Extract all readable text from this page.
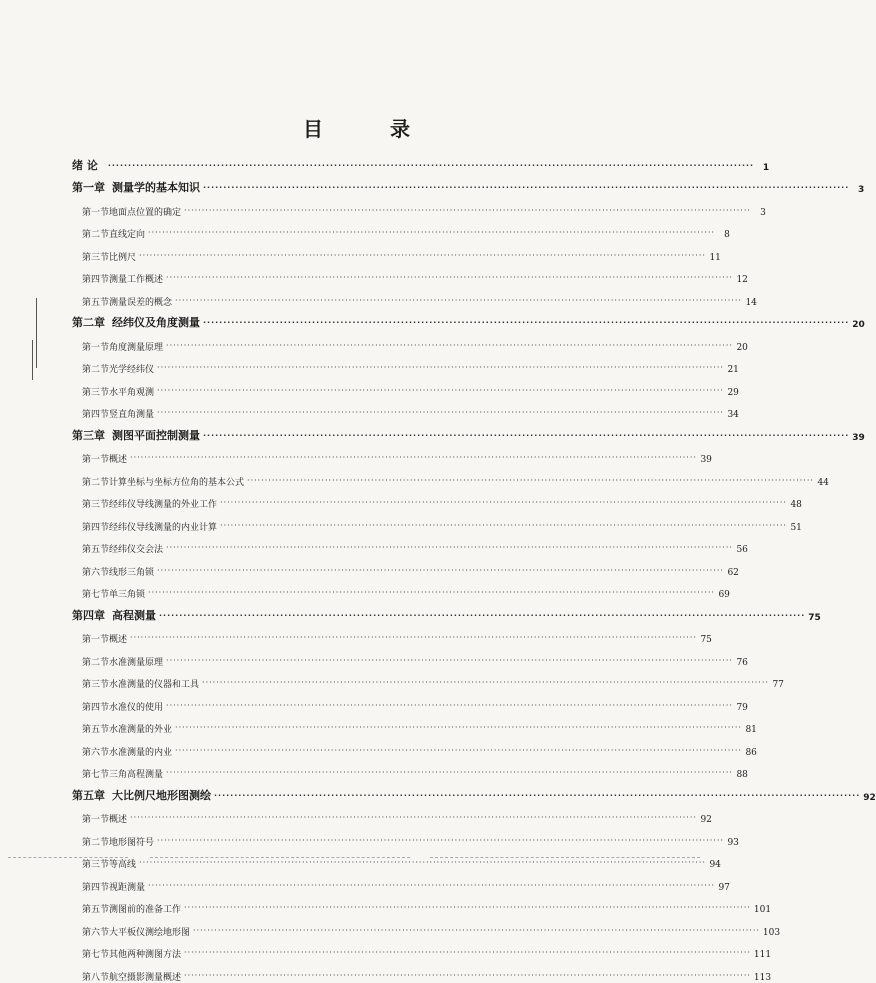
目 录
绪 论 ································································································································································ 1
第一章 测量学的基本知识 ································································································································································ 3
第一节 地面点位置的确定 ································································································································································	3
第二节 直线定向 ································································································································································	8
第三节 比例尺 ································································································································································ 11
第四节 测量工作概述 ································································································································································ 12
第五节 测量误差的概念 ································································································································································ 14
第二章 经纬仪及角度测量 ································································································································································ 20
第一节 角度测量原理 ································································································································································ 20
第二节 光学经纬仪 ································································································································································ 21
第三节 水平角观测 ································································································································································ 29
第四节 竖直角测量 ································································································································································ 34
第三章 测图平面控制测量 ································································································································································ 39
第一节 概述 ································································································································································ 39
第二节 计算坐标与坐标方位角的基本公式 ································································································································································ 44
第三节 经纬仪导线测量的外业工作 ································································································································································ 48
第四节 经纬仪导线测量的内业计算 ································································································································································ 51
第五节 经纬仪交会法 ································································································································································ 56
第六节 线形三角锁 ································································································································································ 62
第七节 单三角锁 ································································································································································ 69
第四章 高程测量 ································································································································································ 75
第一节 概述 ································································································································································ 75
第二节 水准测量原理 ································································································································································ 76
第三节 水准测量的仪器和工具 ································································································································································ 77
第四节 水准仪的使用 ································································································································································ 79
第五节 水准测量的外业 ································································································································································ 81
第六节 水准测量的内业 ································································································································································ 86
第七节 三角高程测量 ································································································································································ 88
第五章 大比例尺地形图测绘 ································································································································································ 92
第一节 概述 ································································································································································ 92
第二节 地形图符号 ································································································································································ 93
第三节 等高线 ································································································································································ 94
第四节 视距测量 ································································································································································ 97
第五节 测图前的准备工作 ································································································································································ 101
第六节 大平板仪测绘地形图 ································································································································································ 103
第七节 其他两种测图方法 ································································································································································ 111
第八节 航空摄影测量概述 ································································································································································ 113
